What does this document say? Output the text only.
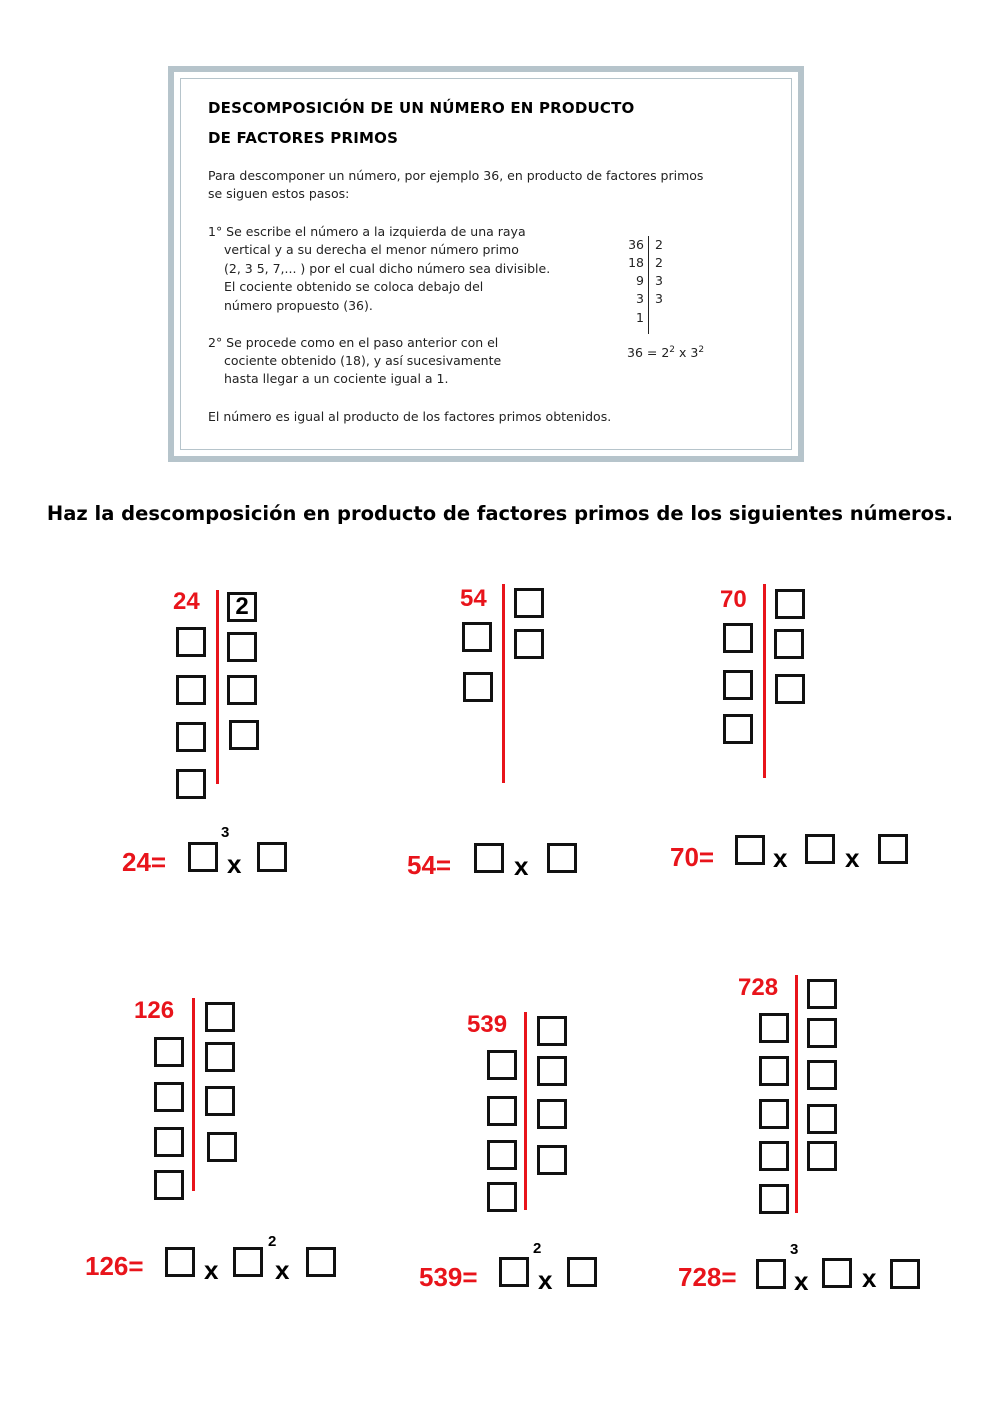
DESCOMPOSICIÓN DE UN NÚMERO EN PRODUCTO
DE FACTORES PRIMOS
Para descomponer un número, por ejemplo 36, en producto de factores primos
se siguen estos pasos:
1° Se escribe el número a la izquierda de una raya
vertical y a su derecha el menor número primo
(2, 3 5, 7,... ) por el cual dicho número sea divisible.
El cociente obtenido se coloca debajo del
número propuesto (36).
2° Se procede como en el paso anterior con el
cociente obtenido (18), y así sucesivamente
hasta llegar a un cociente igual a 1.
El número es igual al producto de los factores primos obtenidos.
36
18
9
3
1
2
2
3
3
$36 = 2^2$ x $3^2$
Haz la descomposición en producto de factores primos de los siguientes números.
24	2
24=
3
x
54
54= x
70
70= x x
126
126= x
2
x
539
539=
2
x
728
728=
3
x x
